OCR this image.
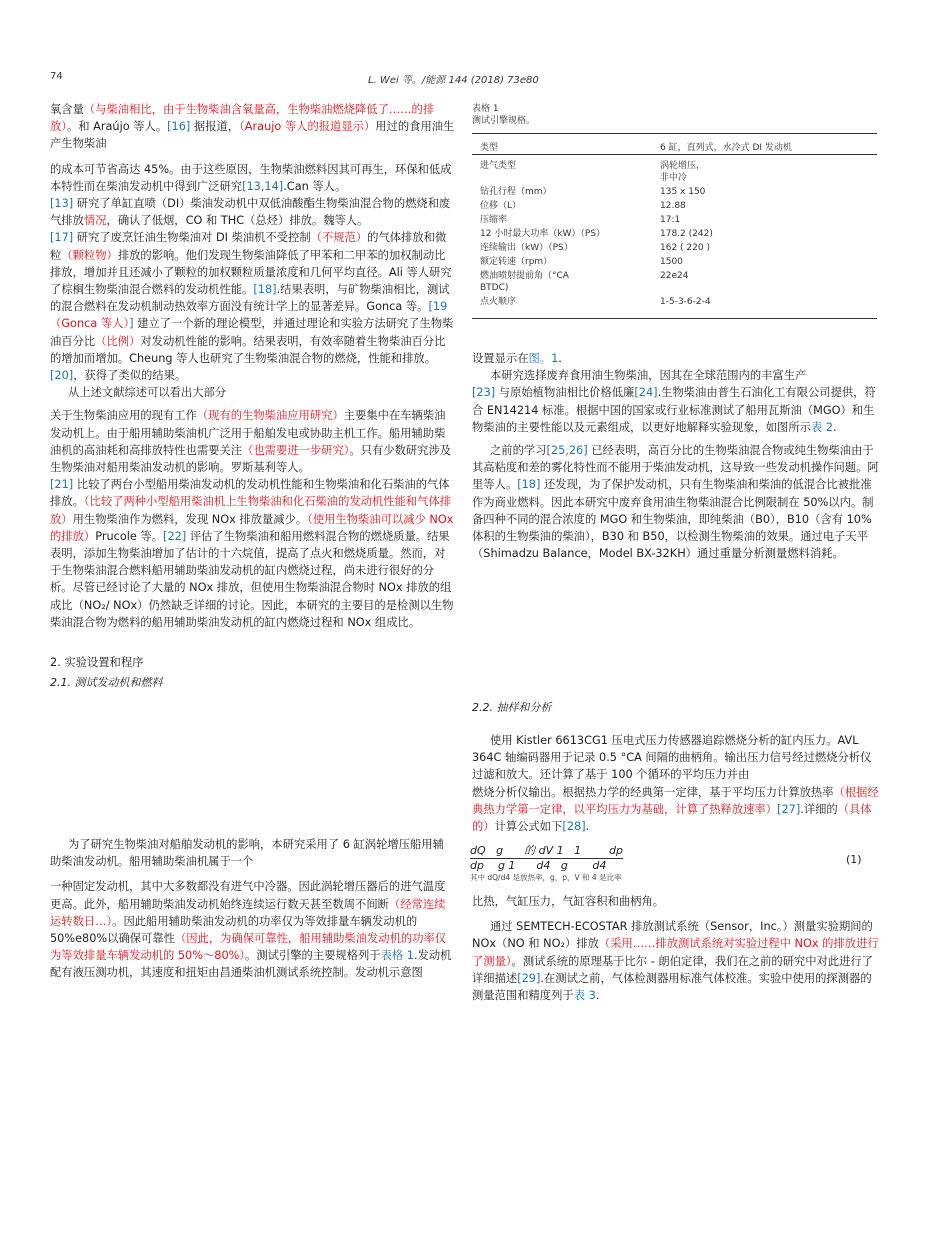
74	L. Wei 等。/能源 144 (2018) 73e80

氧含量（与柴油相比，由于生物柴油含氧量高，生物柴油燃烧降低了……的排放）。和 Araújo 等人。[16] 据报道，（Araujo 等人的报道显示）用过的食用油生产生物柴油

的成本可节省高达 45%。由于这些原因，生物柴油燃料因其可再生，环保和低成本特性而在柴油发动机中得到广泛研究[13,14].Can 等人。

[13] 研究了单缸直喷（DI）柴油发动机中双低油酸酯生物柴油混合物的燃烧和废气排放情况，确认了低烟，CO 和 THC（总烃）排放。魏等人。

[17] 研究了废烹饪油生物柴油对 DI 柴油机不受控制（不规范）的气体排放和微粒（颗粒物）排放的影响。他们发现生物柴油降低了甲苯和二甲苯的加权制动比排放，增加并且还减小了颗粒的加权颗粒质量浓度和几何平均直径。Ali 等人研究了棕榈生物柴油混合燃料的发动机性能。[18].结果表明，与矿物柴油相比，测试的混合燃料在发动机制动热效率方面没有统计学上的显著差异。Gonca 等。[19（Gonca 等人）] 建立了一个新的理论模型，并通过理论和实验方法研究了生物柴油百分比（比例）对发动机性能的影响。结果表明，有效率随着生物柴油百分比的增加而增加。Cheung 等人也研究了生物柴油混合物的燃烧，性能和排放。[20]，获得了类似的结果。

从上述文献综述可以看出大部分

关于生物柴油应用的现有工作（现有的生物柴油应用研究）主要集中在车辆柴油发动机上。由于船用辅助柴油机广泛用于船舶发电或协助主机工作。船用辅助柴油机的高油耗和高排放特性也需要关注（也需要进一步研究）。只有少数研究涉及生物柴油对船用柴油发动机的影响。罗斯基利等人。

[21] 比较了两台小型船用柴油发动机的发动机性能和生物柴油和化石柴油的气体排放。（比较了两种小型船用柴油机上生物柴油和化石柴油的发动机性能和气体排放）用生物柴油作为燃料，发现 NOx 排放量减少。（使用生物柴油可以减少 NOx 的排放）Prucole 等。[22] 评估了生物柴油和船用燃料混合物的燃烧质量。结果表明，添加生物柴油增加了估计的十六烷值，提高了点火和燃烧质量。然而，对于生物柴油混合燃料船用辅助柴油发动机的缸内燃烧过程，尚未进行很好的分析。尽管已经讨论了大量的 NOx 排放，但使用生物柴油混合物时 NOx 排放的组成比（NO₂/ NOx）仍然缺乏详细的讨论。因此，本研究的主要目的是检测以生物柴油混合物为燃料的船用辅助柴油发动机的缸内燃烧过程和 NOx 组成比。

2. 实验设置和程序
2.1. 测试发动机和燃料

为了研究生物柴油对船舶发动机的影响，本研究采用了 6 缸涡轮增压船用辅助柴油发动机。船用辅助柴油机属于一个

一种固定发动机，其中大多数都没有进气中冷器。因此涡轮增压器后的进气温度更高。此外，船用辅助柴油发动机始终连续运行数天甚至数周不间断（经常连续运转数日…）。因此船用辅助柴油发动机的功率仅为等效排量车辆发动机的 50%e80%以确保可靠性（因此，为确保可靠性，船用辅助柴油发动机的功率仅为等效排量车辆发动机的 50%～80%）。测试引擎的主要规格列于表格 1.发动机配有液压测功机，其速度和扭矩由昌通柴油机测试系统控制。发动机示意图

表格 1
测试引擎规格。
类型	6 缸，直列式，水冷式 DI 发动机
进气类型	涡轮增压，
非中冷
钻孔行程（mm）	135 x 150
位移（L）	12.88
压缩率	17:1
12 小时最大功率（kW）（PS）	178.2 (242)
连续输出（kW）（PS）	162 ( 220 )
额定转速（rpm）	1500
燃油喷射提前角（°CA
BTDC)	22e24
点火顺序	1-5-3-6-2-4

设置显示在图。1.

本研究选择废弃食用油生物柴油，因其在全球范围内的丰富生产

[23] 与原始植物油相比价格低廉[24].生物柴油由普生石油化工有限公司提供，符合 EN14214 标准。根据中国的国家或行业标准测试了船用瓦斯油（MGO）和生物柴油的主要性能以及元素组成，以更好地解释实验现象，如图所示表 2.

之前的学习[25,26] 已经表明，高百分比的生物柴油混合物或纯生物柴油由于其高粘度和差的雾化特性而不能用于柴油发动机，这导致一些发动机操作问题。阿里等人。[18] 还发现，为了保护发动机，只有生物柴油和柴油的低混合比被批准作为商业燃料。因此本研究中废弃食用油生物柴油混合比例限制在 50%以内。制备四种不同的混合浓度的 MGO 和生物柴油，即纯柴油（B0），B10（含有 10%体积的生物柴油的柴油），B30 和 B50，以检测生物柴油的效果。通过电子天平（Shimadzu Balance，Model BX-32KH）通过重量分析测量燃料消耗。

2.2. 抽样和分析

使用 Kistler 6613CG1 压电式压力传感器追踪燃烧分析的缸内压力。AVL 364C 轴编码器用于记录 0.5 °CA 间隔的曲柄角。输出压力信号经过燃烧分析仪过滤和放大。还计算了基于 100 个循环的平均压力并由

燃烧分析仪输出。根据热力学的经典第一定律，基于平均压力计算放热率（根据经典热力学第一定律，以平均压力为基础，计算了热释放速率）[27].详细的（具体的）计算公式如下[28].

dQ   g      的 dV 1   1        dp
dp    g 1      d4   g       d4
其中 dQ/d4 是放热率，g，p，V 和 4 是比率
(1)

比热，气缸压力，气缸容积和曲柄角。

通过 SEMTECH-ECOSTAR 排放测试系统（Sensor，Inc。）测量实验期间的 NOx（NO 和 NO₂）排放（采用……排放测试系统对实验过程中 NOx 的排放进行了测量）。测试系统的原理基于比尔 - 朗伯定律，我们在之前的研究中对此进行了详细描述[29].在测试之前，气体检测器用标准气体校准。实验中使用的探测器的测量范围和精度列于表 3.
